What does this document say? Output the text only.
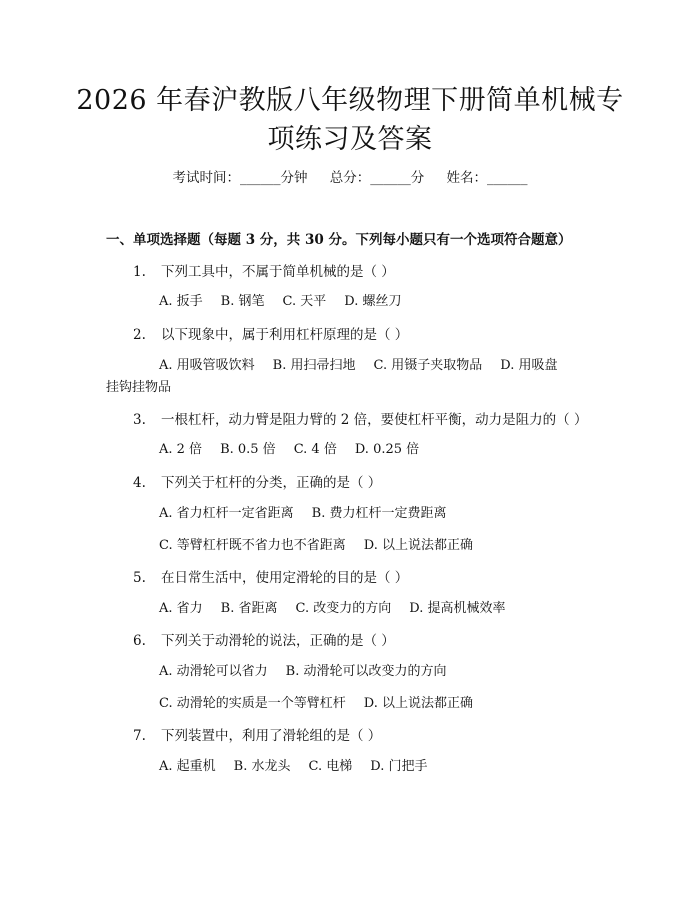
2026 年春沪教版八年级物理下册简单机械专
项练习及答案
考试时间：______分钟 总分：______分 姓名：______
一、单项选择题（每题 3 分，共 30 分。下列每小题只有一个选项符合题意）
1. 下列工具中，不属于简单机械的是（ ）
A. 扳手 B. 钢笔 C. 天平 D. 螺丝刀
2. 以下现象中，属于利用杠杆原理的是（ ）
A. 用吸管吸饮料 B. 用扫帚扫地 C. 用镊子夹取物品 D. 用吸盘
挂钩挂物品
3. 一根杠杆，动力臂是阻力臂的 2 倍，要使杠杆平衡，动力是阻力的（ ）
A. 2 倍 B. 0.5 倍 C. 4 倍 D. 0.25 倍
4. 下列关于杠杆的分类，正确的是（ ）
A. 省力杠杆一定省距离 B. 费力杠杆一定费距离
C. 等臂杠杆既不省力也不省距离 D. 以上说法都正确
5. 在日常生活中，使用定滑轮的目的是（ ）
A. 省力 B. 省距离 C. 改变力的方向 D. 提高机械效率
6. 下列关于动滑轮的说法，正确的是（ ）
A. 动滑轮可以省力 B. 动滑轮可以改变力的方向
C. 动滑轮的实质是一个等臂杠杆 D. 以上说法都正确
7. 下列装置中，利用了滑轮组的是（ ）
A. 起重机 B. 水龙头 C. 电梯 D. 门把手
